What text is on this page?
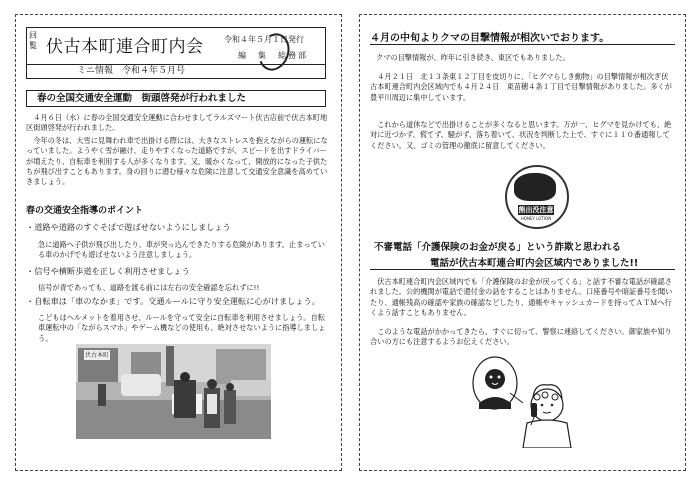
回覧 伏古本町連合町内会	令和４年５月１日発行
編　集　総務部
ミニ情報　令和４年５月号
春の全国交通安全運動　街頭啓発が行われました
４月６日（水）に春の全国交通安全運動に合わせましてラルズマート伏古店前で伏古本町地区街頭啓発が行われました。
今年の冬は、大雪に見舞われ車で出掛ける際には、大きなストレスを抱えながらの運転になっていました。ようやく雪が融け、走りやすくなった道路ですが、スピードを出すドライバーが増えたり、自転車を利用する人が多くなります。又、暖かくなって、開放的になった子供たちが飛び出すこともあります。身の回りに潜む様々な危険に注意して交通安全意識を高めていきましょう。
春の交通安全指導のポイント
・道路や道路のすぐそばで遊ばせないようにしましょう
急に道路へ子供が飛び出したり、車が突っ込んできたりする危険があります。止まっている車のかげでも遊ばせないよう注意しましょう。
・信号や横断歩道を正しく利用させましょう
信号が青であっても、道路を渡る前には左右の安全確認を忘れずに!!
・自転車は「車のなかま」です。交通ルールに守り安全運転に心がけましょう。
こどもはヘルメットを着用させ、ルールを守って安全に自転車を利用させましょう。自転車運転中の「ながらスマホ」やゲーム機などの使用も、絶対させないように指導しましょう。
伏古本町
４月の中旬よりクマの目撃情報が相次いでおります。
クマの目撃情報が、昨年に引き続き、東区でもありました。
４月２１日　北１３条東１２丁目を皮切りに、「ヒグマらしき動物」の目撃情報が相次ぎ伏古本町連合町内会区域内でも４月２４日　東苗穂４条１丁目で目撃情報がありました。多くが豊平川周辺に集中しています。
これから道休などで出掛けることが多くなると思います。万が一、ヒグマを見かけても、絶対に近づかず、慌てず、騒がず、落ち着いて、状況を判断した上で、すぐに１１０番通報してください。又、ゴミの管理の徹底に留意してください。
熊出没注意
HONEY LOTION
不審電話「介護保険のお金が戻る」という詐欺と思われる
電話が伏古本町連合町内会区域内でありました!!
伏古本町連合町内会区域内でも「介護保険のお金が戻ってくる」と話す不審な電話が確認されました。公的機関が電話で還付金の話をすることはありません。口座番号や暗証番号を聞いたり、通帳残高の確認や家族の確認などしたり、通帳やキャッシュカードを持ってＡＴＭへ行くよう話すこともありません。
このような電話がかかってきたら、すぐに切って、警察に連絡してください。御家族や知り合いの方にも注意するようお伝えください。
